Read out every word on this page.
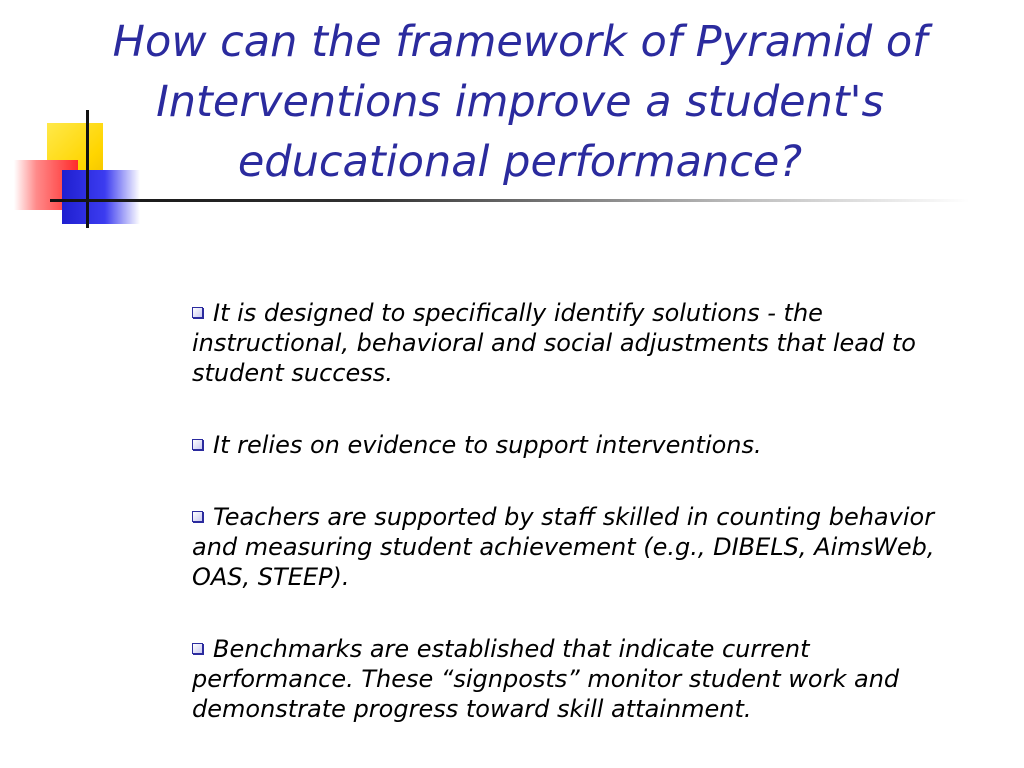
How can the framework of Pyramid of Interventions improve a student's educational performance?
It is designed to specifically identify solutions - the instructional, behavioral and social adjustments that lead to student success.
It relies on evidence to support interventions.
Teachers are supported by staff skilled in counting behavior and measuring student achievement (e.g., DIBELS, AimsWeb, OAS, STEEP).
Benchmarks are established that indicate current performance. These “signposts” monitor student work and demonstrate progress toward skill attainment.
